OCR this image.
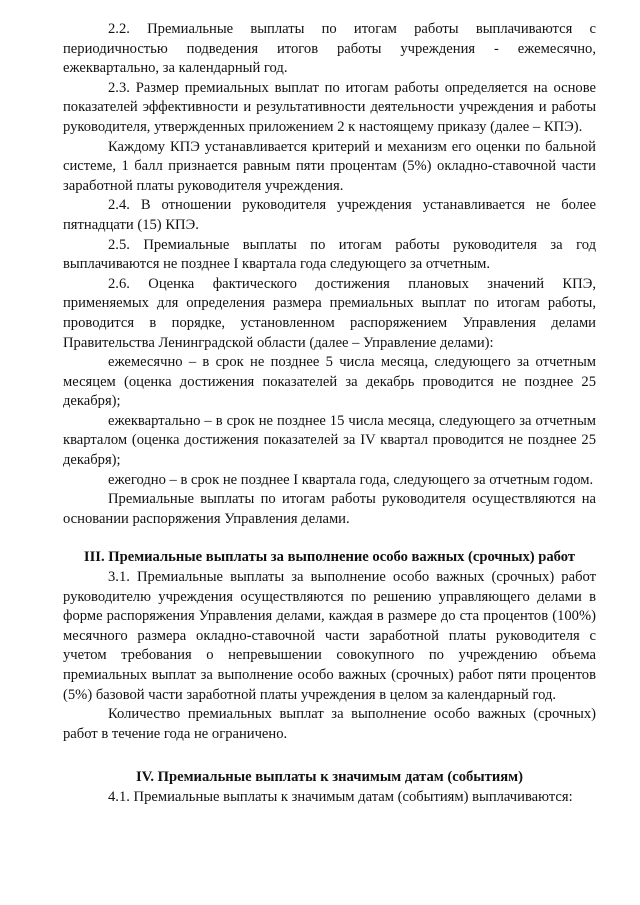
2.2. Премиальные выплаты по итогам работы выплачиваются с периодичностью подведения итогов работы учреждения - ежемесячно, ежеквартально, за календарный год.

2.3. Размер премиальных выплат по итогам работы определяется на основе показателей эффективности и результативности деятельности учреждения и работы руководителя, утвержденных приложением 2 к настоящему приказу (далее – КПЭ).

Каждому КПЭ устанавливается критерий и механизм его оценки по бальной системе, 1 балл признается равным пяти процентам (5%) окладно-ставочной части заработной платы руководителя учреждения.

2.4. В отношении руководителя учреждения устанавливается не более пятнадцати (15) КПЭ.

2.5. Премиальные выплаты по итогам работы руководителя за год выплачиваются не позднее I квартала года следующего за отчетным.

2.6. Оценка фактического достижения плановых значений КПЭ, применяемых для определения размера премиальных выплат по итогам работы, проводится в порядке, установленном распоряжением Управления делами Правительства Ленинградской области (далее – Управление делами):

ежемесячно – в срок не позднее 5 числа месяца, следующего за отчетным месяцем (оценка достижения показателей за декабрь проводится не позднее 25 декабря);

ежеквартально – в срок не позднее 15 числа месяца, следующего за отчетным кварталом (оценка достижения показателей за IV квартал проводится не позднее 25 декабря);

ежегодно – в срок не позднее I квартала года, следующего за отчетным годом.

Премиальные выплаты по итогам работы руководителя осуществляются на основании распоряжения Управления делами.

III. Премиальные выплаты за выполнение особо важных (срочных) работ

3.1. Премиальные выплаты за выполнение особо важных (срочных) работ руководителю учреждения осуществляются по решению управляющего делами в форме распоряжения Управления делами, каждая в размере до ста процентов (100%) месячного размера окладно-ставочной части заработной платы руководителя с учетом требования о непревышении совокупного по учреждению объема премиальных выплат за выполнение особо важных (срочных) работ пяти процентов (5%) базовой части заработной платы учреждения в целом за календарный год.

Количество премиальных выплат за выполнение особо важных (срочных) работ в течение года не ограничено.

IV. Премиальные выплаты к значимым датам (событиям)

4.1. Премиальные выплаты к значимым датам (событиям) выплачиваются:
